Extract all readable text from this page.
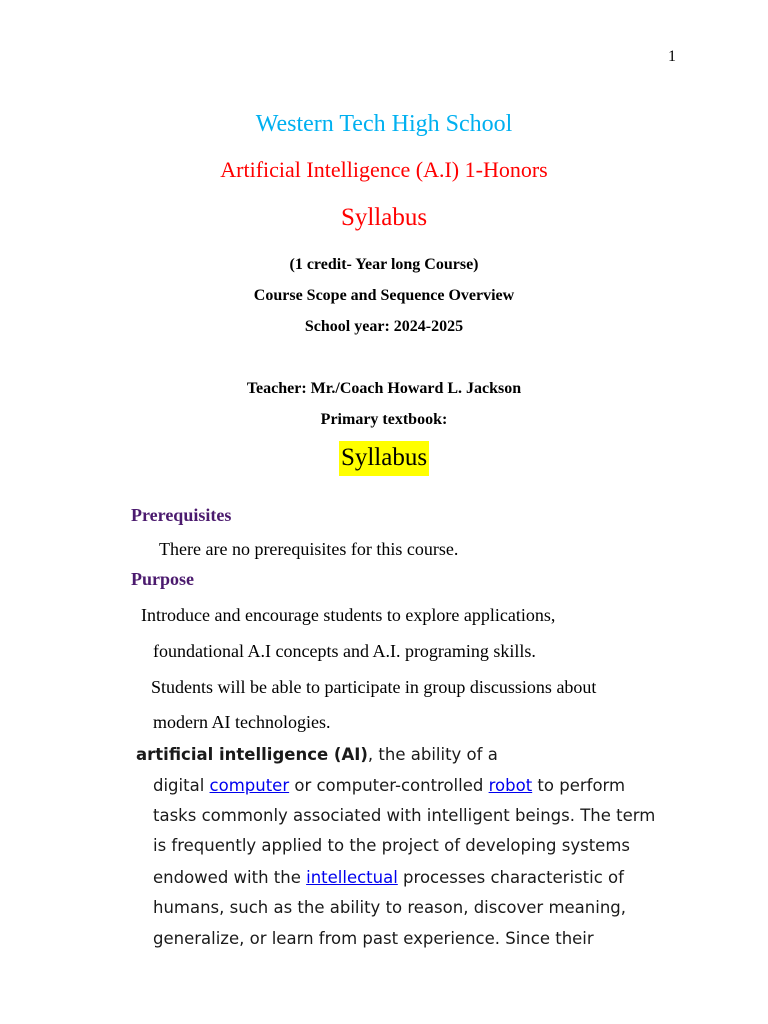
1
Western Tech High School
Artificial Intelligence (A.I) 1-Honors
Syllabus
(1 credit- Year long Course)
Course Scope and Sequence Overview
School year: 2024-2025
Teacher: Mr./Coach Howard L. Jackson
Primary textbook:
Syllabus
Prerequisites
There are no prerequisites for this course.
Purpose
Introduce and encourage students to explore applications,
foundational A.I concepts and A.I. programing skills.
Students will be able to participate in group discussions about
modern AI technologies.
artificial intelligence (AI), the ability of a
digital computer or computer-controlled robot to perform
tasks commonly associated with intelligent beings. The term
is frequently applied to the project of developing systems
endowed with the intellectual processes characteristic of
humans, such as the ability to reason, discover meaning,
generalize, or learn from past experience. Since their
